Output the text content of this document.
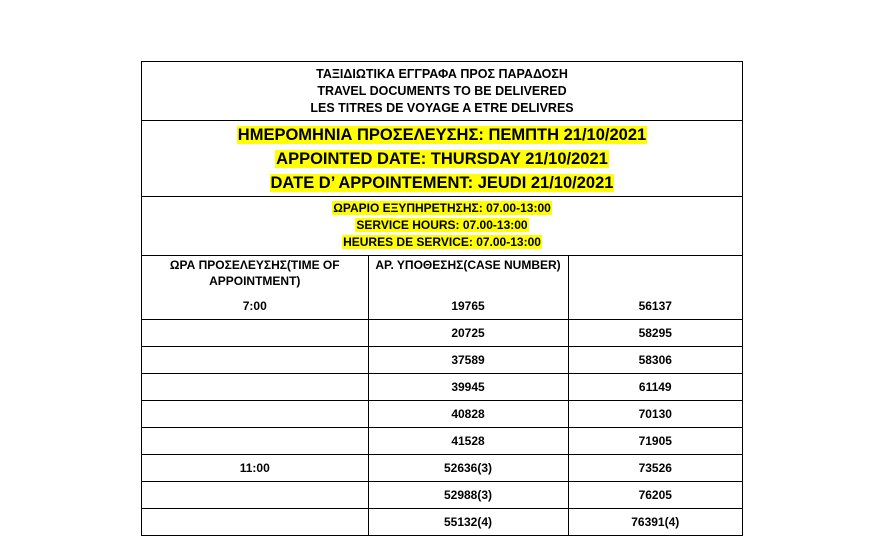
ΤΑΞΙΔΙΩΤΙΚΑ ΕΓΓΡΑΦΑ ΠΡΟΣ ΠΑΡΑΔΟΣΗ
TRAVEL DOCUMENTS TO BE DELIVERED
LES TITRES DE VOYAGE A ETRE DELIVRES
ΗΜΕΡΟΜΗΝΙΑ ΠΡΟΣΕΛΕΥΣΗΣ: ΠΕΜΠΤΗ 21/10/2021
APPOINTED DATE: THURSDAY 21/10/2021
DATE D’ APPOINTEMENT: JEUDI 21/10/2021
ΩΡΑΡΙΟ ΕΞΥΠΗΡΕΤΗΣΗΣ: 07.00-13:00
SERVICE HOURS: 07.00-13:00
HEURES DE SERVICE: 07.00-13:00
ΩΡΑ ΠΡΟΣΕΛΕΥΣΗΣ(TIME OF APPOINTMENT)	ΑΡ. ΥΠΟΘΕΣΗΣ(CASE NUMBER)	
7:00	19765	56137
	20725	58295
	37589	58306
	39945	61149
	40828	70130
	41528	71905
11:00	52636(3)	73526
	52988(3)	76205
	55132(4)	76391(4)
